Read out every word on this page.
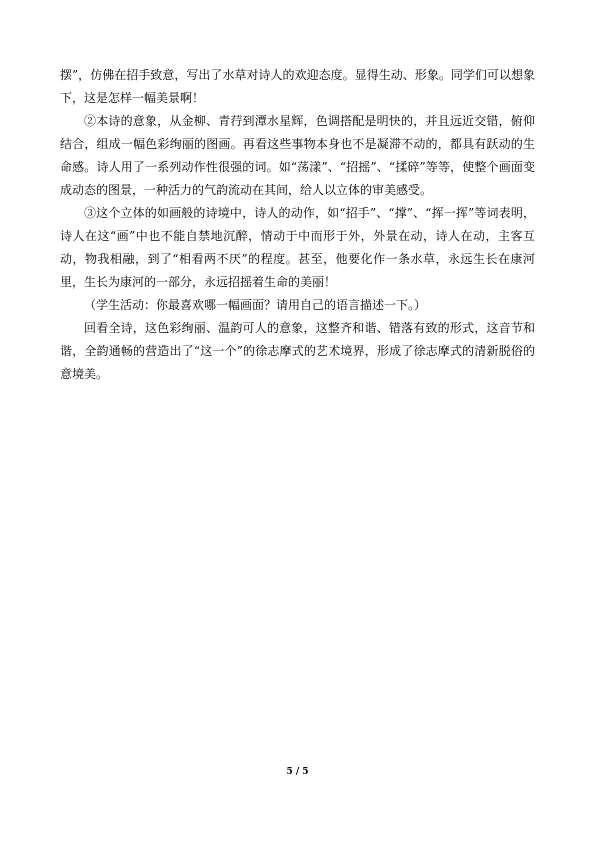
摆”，仿佛在招手致意，写出了水草对诗人的欢迎态度。显得生动、形象。同学们可以想象下，这是怎样一幅美景啊！

②本诗的意象，从金柳、青荇到潭水星辉，色调搭配是明快的，并且远近交错，俯仰结合，组成一幅色彩绚丽的图画。再看这些事物本身也不是凝滞不动的，都具有跃动的生命感。诗人用了一系列动作性很强的词。如“荡漾”、“招摇”、“揉碎”等等，使整个画面变成动态的图景，一种活力的气韵流动在其间，给人以立体的审美感受。

③这个立体的如画般的诗境中，诗人的动作，如“招手”、“撑”、“挥一挥”等词表明，诗人在这“画”中也不能自禁地沉醉，情动于中而形于外，外景在动，诗人在动，主客互动，物我相融，到了“相看两不厌”的程度。甚至，他要化作一条水草，永远生长在康河里，生长为康河的一部分，永远招摇着生命的美丽！

（学生活动：你最喜欢哪一幅画面？请用自己的语言描述一下。）

回看全诗，这色彩绚丽、温韵可人的意象，这整齐和谐、错落有致的形式，这音节和谐，全韵通畅的营造出了“这一个”的徐志摩式的艺术境界，形成了徐志摩式的清新脱俗的意境美。

5 / 5
